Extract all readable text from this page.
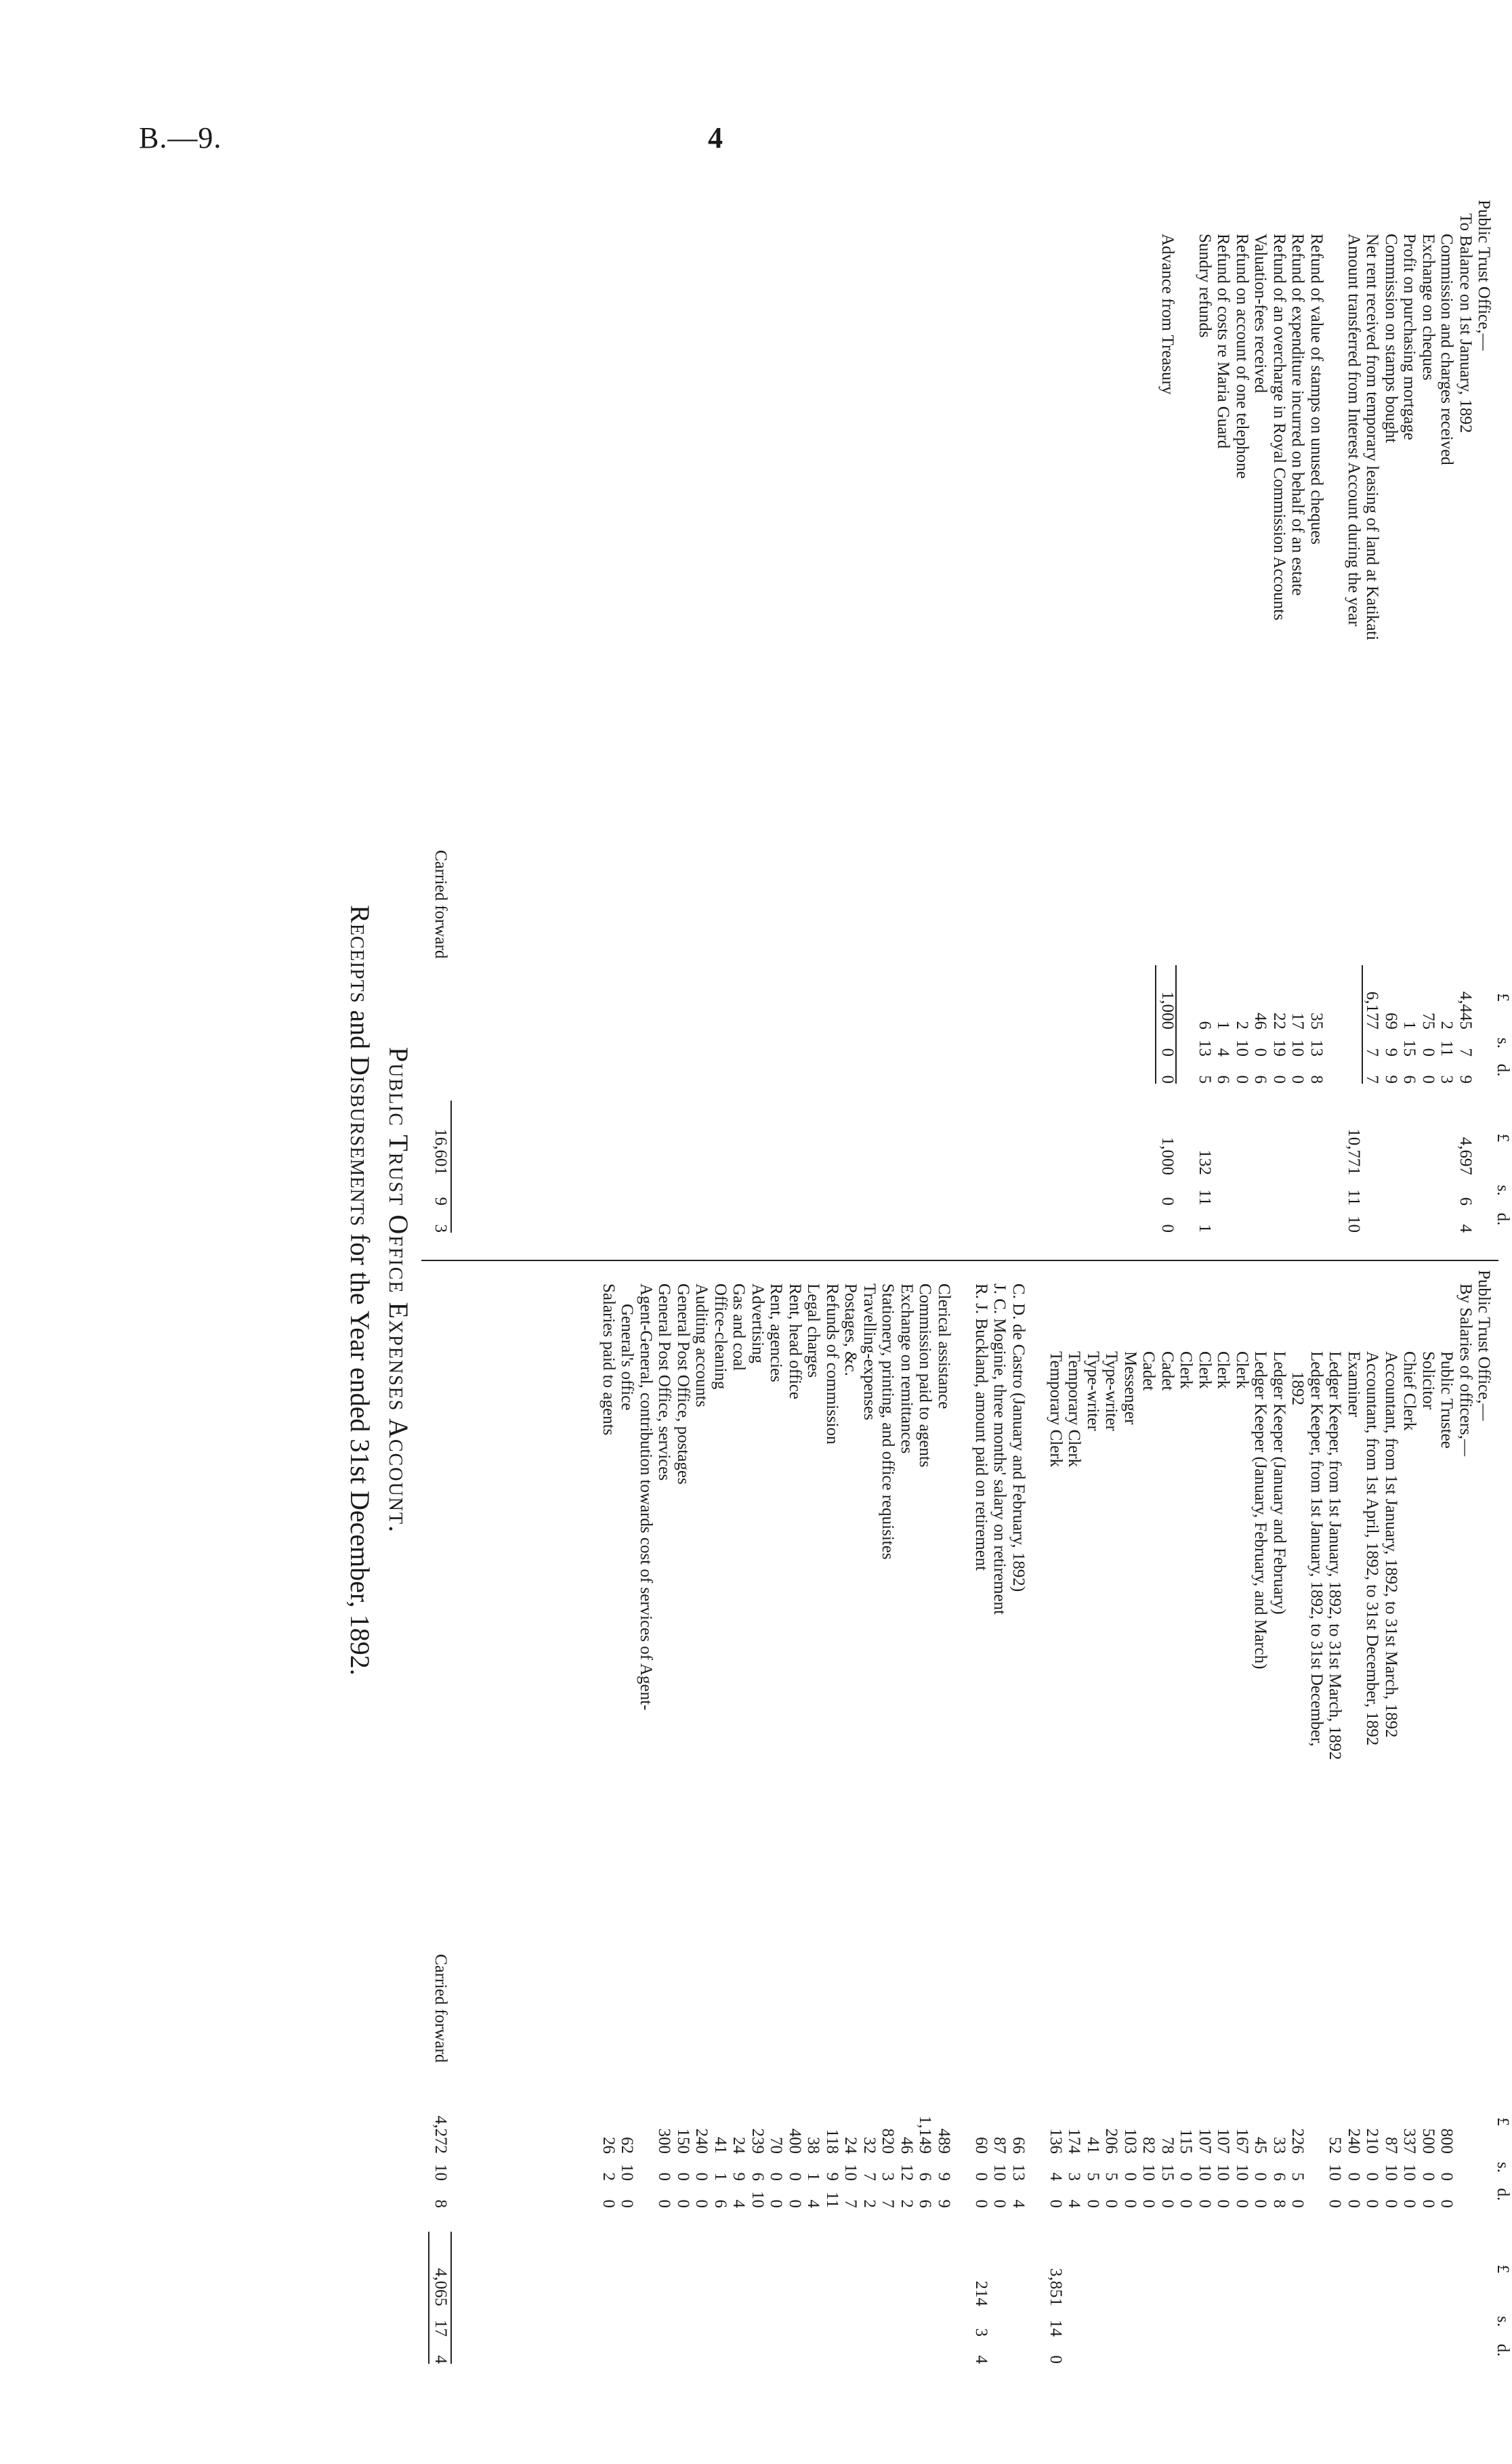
B.—9.	4
Public Trust Office Expenses Account.
Receipts and Disbursements for the Year ended 31st December, 1892.
£
s.
d.
£
s.
d.
Public Trust Office,—
To Balance on 1st January, 1892
4,445
7
9
Commission and charges received
2
11
3
Exchange on cheques
75
0
0
Profit on purchasing mortgage
1
15
6
Commission on stamps bought
69
9
9
Net rent received from temporary leasing of land at Katikati
6,177
7
7
Amount transferred from Interest Account during the year
10,771
11
10
Refund of value of stamps on unused cheques
35
13
8
Refund of expenditure incurred on behalf of an estate
17
10
0
Refund of an overcharge in Royal Commission Accounts
22
19
0
Valuation-fees received
46
0
6
Refund on account of one telephone
2
10
0
Refund of costs re Maria Guard
1
4
6
Sundry refunds
6
13
5
132
11
1
Advance from Treasury
1,000
0
0
1,000
0
0
4,697
6
4
Carried forward
16,601
9
3
£
s.
d.
£
s.
d.
Public Trust Office,—
By Salaries of officers,—
Public Trustee
800
0
0
Solicitor
500
0
0
Chief Clerk
337
10
0
Accountant, from 1st January, 1892, to 31st March, 1892
87
10
0
Accountant, from 1st April, 1892, to 31st December, 1892
210
0
0
Examiner
240
0
0
Ledger Keeper, from 1st January, 1892, to 31st March, 1892
52
10
0
Ledger Keeper, from 1st January, 1892, to 31st December,
1892
226
5
0
Ledger Keeper (January and February)
33
6
8
Ledger Keeper (January, February, and March)
45
0
0
Clerk
167
10
0
Clerk
107
10
0
Clerk
107
10
0
Clerk
115
0
0
Cadet
78
15
0
Cadet
82
10
0
Messenger
103
0
0
Type-writer
206
5
0
Type-writer
41
5
0
Temporary Clerk
174
3
4
Temporary Clerk
136
4
0
C. D. de Castro (January and February, 1892)
66
13
4
J. C. Moginie, three months' salary on retirement
87
10
0
R. J. Buckland, amount paid on retirement
60
0
0
Clerical assistance
489
9
9
Commission paid to agents
1,149
6
6
Exchange on remittances
46
12
2
Stationery, printing, and office requisites
820
3
7
Travelling-expenses
32
7
2
Postages, &c.
24
10
7
Refunds of commission
118
9
11
Legal charges
38
1
4
Rent, head office
400
0
0
Rent, agencies
70
0
0
Advertising
239
6
10
Gas and coal
24
9
4
Office-cleaning
41
1
6
Auditing accounts
240
0
0
General Post Office, postages
150
0
0
General Post Office, services
300
0
0
Agent-General, contribution towards cost of services of Agent-
General's office
62
10
0
Salaries paid to agents
26
2
0
3,851
14
0
214
3
4
Carried forward
4,272
10
8
4,065
17
4
